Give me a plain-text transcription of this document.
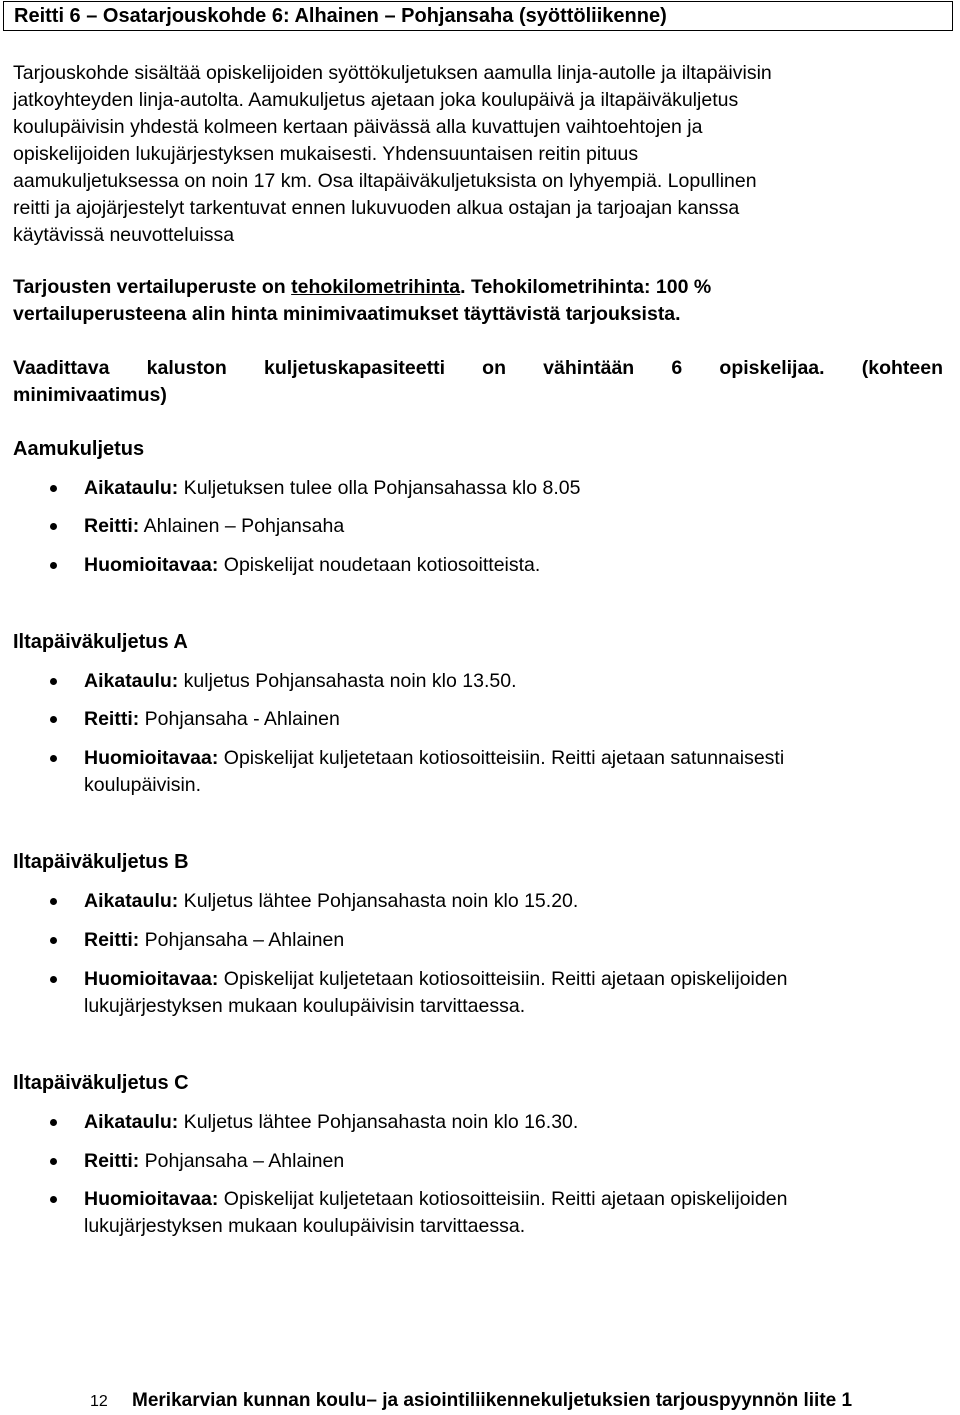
Reitti 6 – Osatarjouskohde 6: Alhainen – Pohjansaha (syöttöliikenne)
Tarjouskohde sisältää opiskelijoiden syöttökuljetuksen aamulla linja-autolle ja iltapäivisin
jatkoyhteyden linja-autolta. Aamukuljetus ajetaan joka koulupäivä ja iltapäiväkuljetus
koulupäivisin yhdestä kolmeen kertaan päivässä alla kuvattujen vaihtoehtojen ja
opiskelijoiden lukujärjestyksen mukaisesti. Yhdensuuntaisen reitin pituus
aamukuljetuksessa on noin 17 km. Osa iltapäiväkuljetuksista on lyhyempiä. Lopullinen
reitti ja ajojärjestelyt tarkentuvat ennen lukuvuoden alkua ostajan ja tarjoajan kanssa
käytävissä neuvotteluissa
Tarjousten vertailuperuste on tehokilometrihinta. Tehokilometrihinta: 100 %
vertailuperusteena alin hinta minimivaatimukset täyttävistä tarjouksista.
Vaadittava kaluston kuljetuskapasiteetti on vähintään 6 opiskelijaa. (kohteen
minimivaatimus)
Aamukuljetus
Aikataulu: Kuljetuksen tulee olla Pohjansahassa klo 8.05
Reitti: Ahlainen – Pohjansaha
Huomioitavaa: Opiskelijat noudetaan kotiosoitteista.
Iltapäiväkuljetus A
Aikataulu: kuljetus Pohjansahasta noin klo 13.50.
Reitti: Pohjansaha - Ahlainen
Huomioitavaa: Opiskelijat kuljetetaan kotiosoitteisiin. Reitti ajetaan satunnaisesti
koulupäivisin.
Iltapäiväkuljetus B
Aikataulu: Kuljetus lähtee Pohjansahasta noin klo 15.20.
Reitti: Pohjansaha – Ahlainen
Huomioitavaa: Opiskelijat kuljetetaan kotiosoitteisiin. Reitti ajetaan opiskelijoiden
lukujärjestyksen mukaan koulupäivisin tarvittaessa.
Iltapäiväkuljetus C
Aikataulu: Kuljetus lähtee Pohjansahasta noin klo 16.30.
Reitti: Pohjansaha – Ahlainen
Huomioitavaa: Opiskelijat kuljetetaan kotiosoitteisiin. Reitti ajetaan opiskelijoiden
lukujärjestyksen mukaan koulupäivisin tarvittaessa.
12 Merikarvian kunnan koulu– ja asiointiliikennekuljetuksien tarjouspyynnön liite 1
